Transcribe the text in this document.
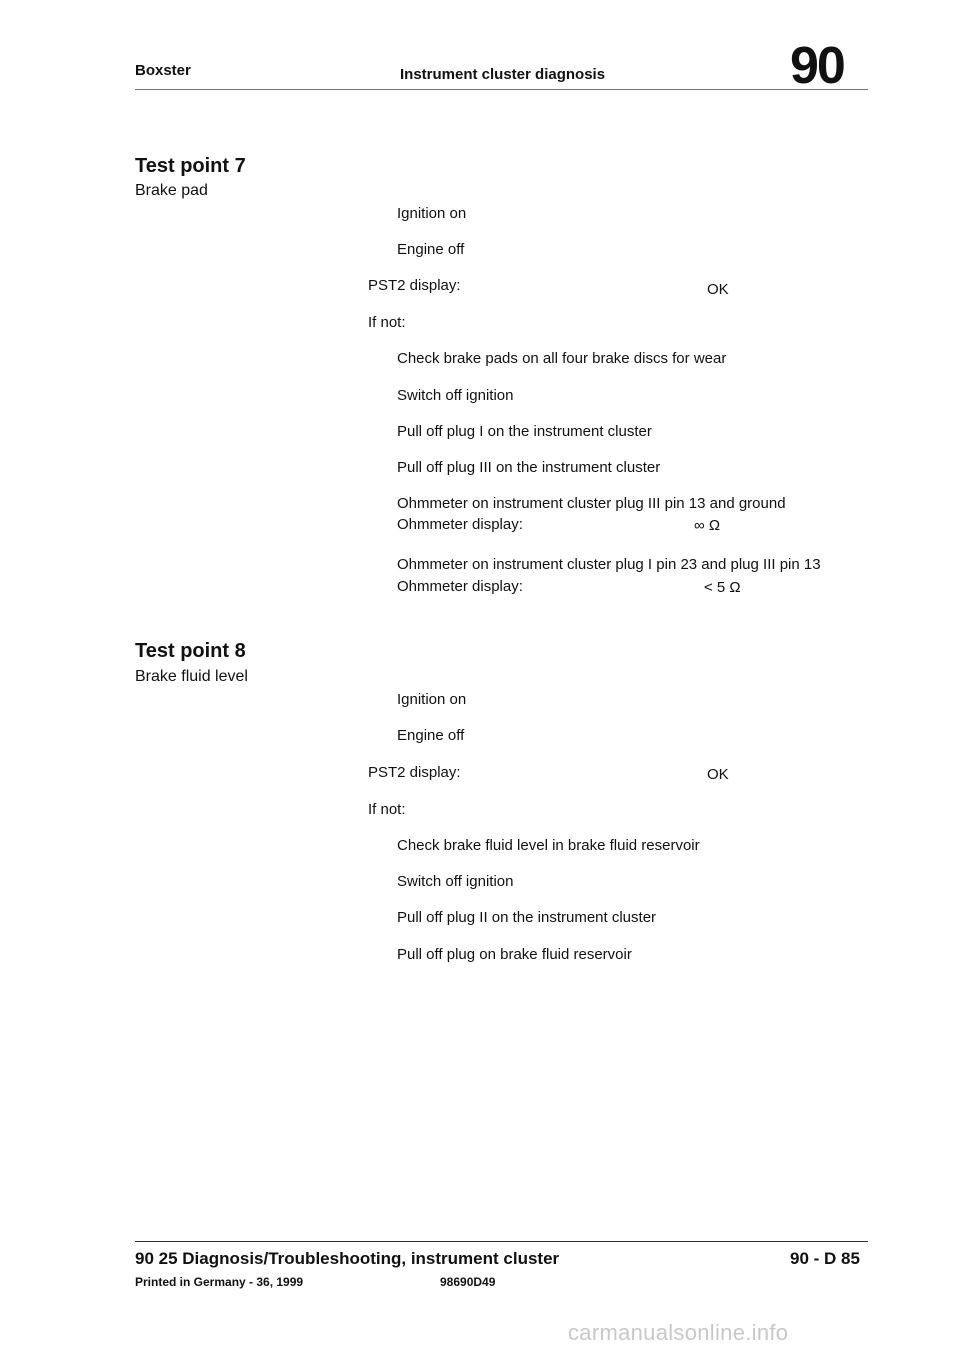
Boxster	Instrument cluster diagnosis	90
Test point 7
Brake pad
Ignition on
Engine off
PST2 display:	OK
If not:
Check brake pads on all four brake discs for wear
Switch off ignition
Pull off plug I on the instrument cluster
Pull off plug III on the instrument cluster
Ohmmeter on instrument cluster plug III pin 13 and ground
Ohmmeter display:	∞ Ω
Ohmmeter on instrument cluster plug I pin 23 and plug III pin 13
Ohmmeter display:	< 5 Ω
Test point 8
Brake fluid level
Ignition on
Engine off
PST2 display:	OK
If not:
Check brake fluid level in brake fluid reservoir
Switch off ignition
Pull off plug II on the instrument cluster
Pull off plug on brake fluid reservoir
90 25 Diagnosis/Troubleshooting, instrument cluster	90 - D 85
Printed in Germany - 36, 1999	98690D49
carmanualsonline.info
